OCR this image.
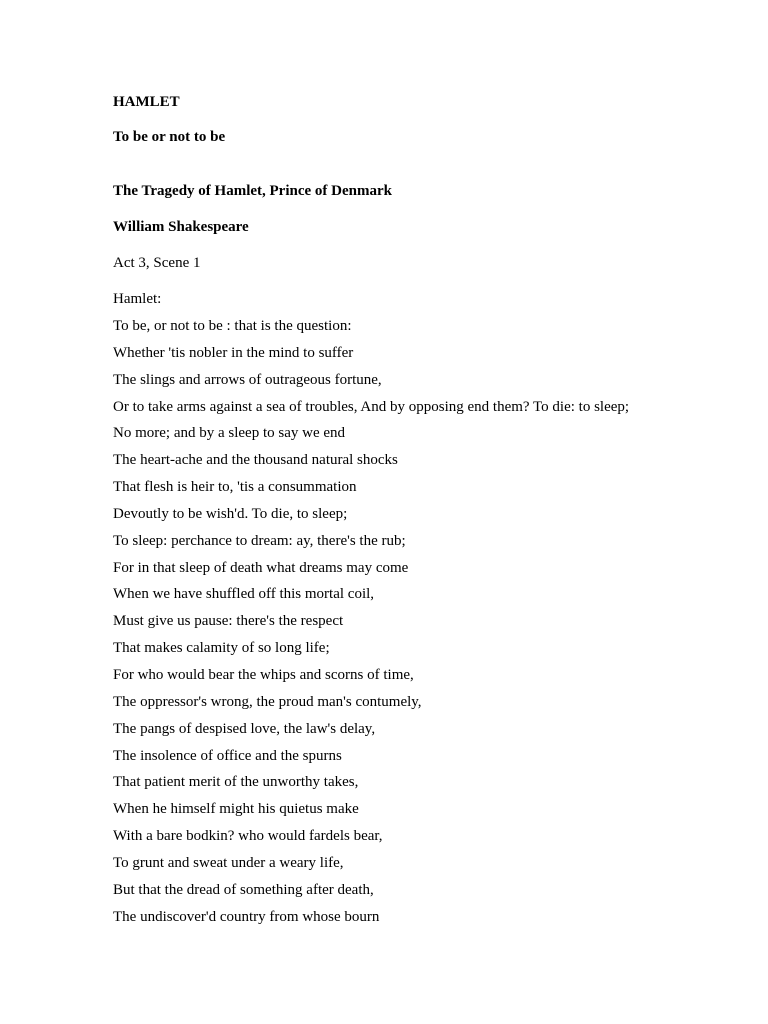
HAMLET
To be or not to be
The Tragedy of Hamlet, Prince of Denmark
William Shakespeare
Act 3, Scene 1
Hamlet:
To be, or not to be : that is the question:
Whether 'tis nobler in the mind to suffer
The slings and arrows of outrageous fortune,
Or to take arms against a sea of troubles, And by opposing end them? To die: to sleep;
No more; and by a sleep to say we end
The heart-ache and the thousand natural shocks
That flesh is heir to, 'tis a consummation
Devoutly to be wish'd. To die, to sleep;
To sleep: perchance to dream: ay, there's the rub;
For in that sleep of death what dreams may come
When we have shuffled off this mortal coil,
Must give us pause: there's the respect
That makes calamity of so long life;
For who would bear the whips and scorns of time,
The oppressor's wrong, the proud man's contumely,
The pangs of despised love, the law's delay,
The insolence of office and the spurns
That patient merit of the unworthy takes,
When he himself might his quietus make
With a bare bodkin? who would fardels bear,
To grunt and sweat under a weary life,
But that the dread of something after death,
The undiscover'd country from whose bourn
